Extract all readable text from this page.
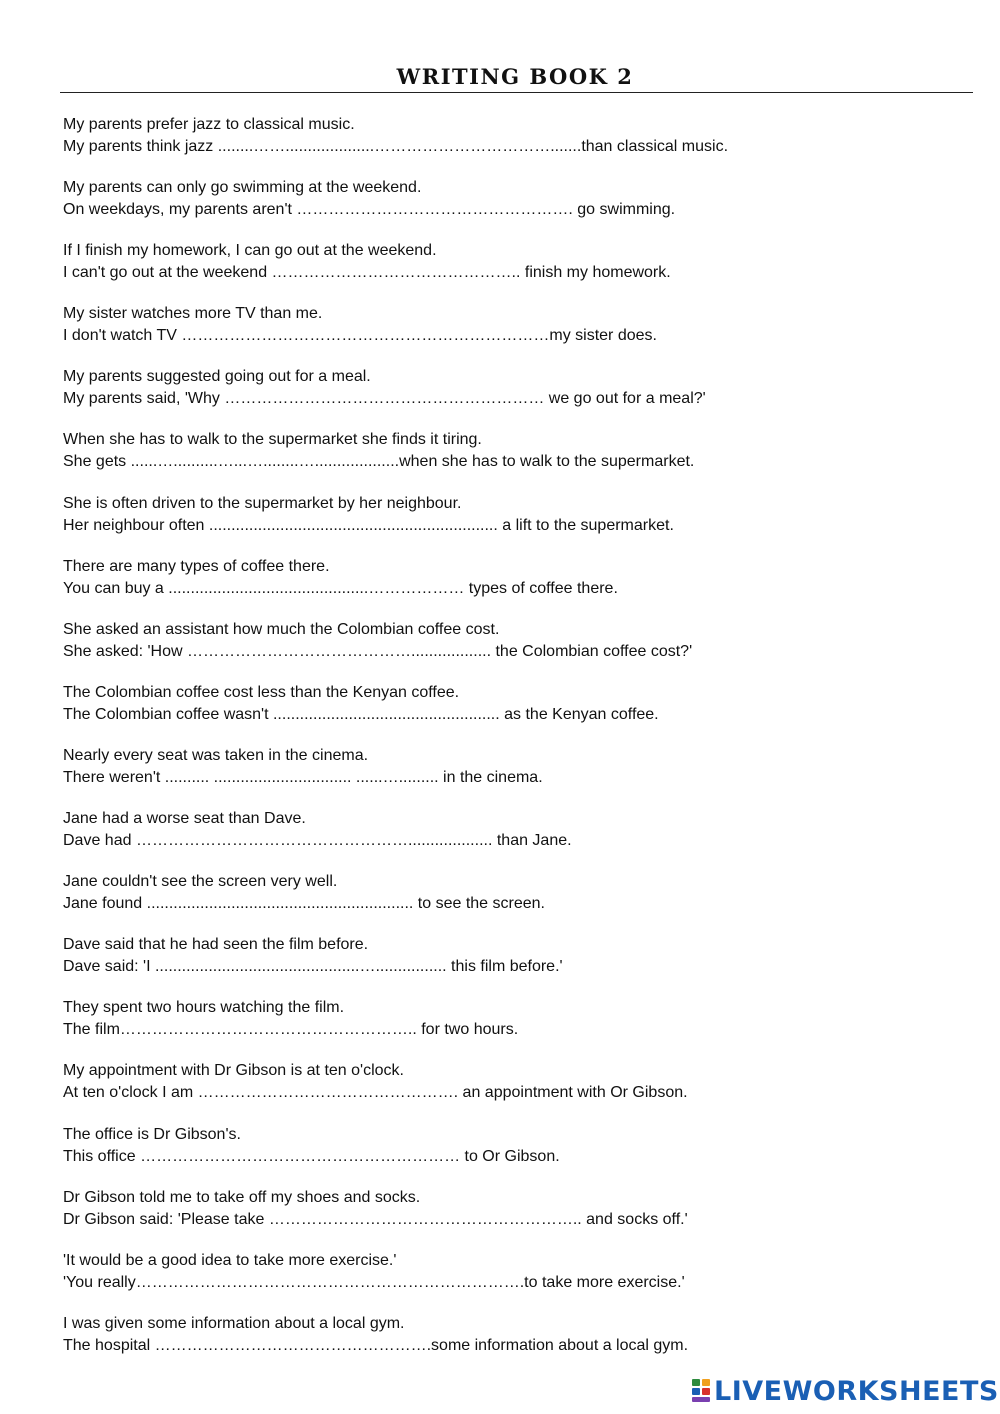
WRITING BOOK 2
My parents prefer jazz to classical music.
My parents think jazz ........……....................…………………………….......than classical music.
My parents can only go swimming at the weekend.
On weekdays, my parents aren't ……………………………………………. go swimming.
If I finish my homework, I can go out at the weekend.
I can't go out at the weekend ……………………………………….. finish my homework.
My sister watches more TV than me.
I don't watch TV ……………………………………………………………my sister does.
My parents suggested going out for a meal.
My parents said, 'Why …………………………………………………… we go out for a meal?'
When she has to walk to the supermarket she finds it tiring.
She gets ......…..........…...…........…...................when she has to walk to the supermarket.
She is often driven to the supermarket by her neighbour.
Her neighbour often ................................................................. a lift to the supermarket.
There are many types of coffee there.
You can buy a .............................................……………… types of coffee there.
She asked an assistant how much the Colombian coffee cost.
She asked: 'How …………………………………….................. the Colombian coffee cost?'
The Colombian coffee cost less than the Kenyan coffee.
The Colombian coffee wasn't ................................................... as the Kenyan coffee.
Nearly every seat was taken in the cinema.
There weren't .......... ............................... ......…......... in the cinema.
Jane had a worse seat than Dave.
Dave had ……………………………………………................... than Jane.
Jane couldn't see the screen very well.
Jane found ............................................................ to see the screen.
Dave said that he had seen the film before.
Dave said: 'I ..............................................…................ this film before.'
They spent two hours watching the film.
The film……………………………………………….. for two hours.
My appointment with Dr Gibson is at ten o'clock.
At ten o'clock I am …………………………………………. an appointment with Or Gibson.
The office is Dr Gibson's.
This office …………………………………………………… to Or Gibson.
Dr Gibson told me to take off my shoes and socks.
Dr Gibson said: 'Please take ………………………………………………….. and socks off.'
'It would be a good idea to take more exercise.'
'You really……………………………………………………………….to take more exercise.'
I was given some information about a local gym.
The hospital …………………………………………….some information about a local gym.
LIVEWORKSHEETS
